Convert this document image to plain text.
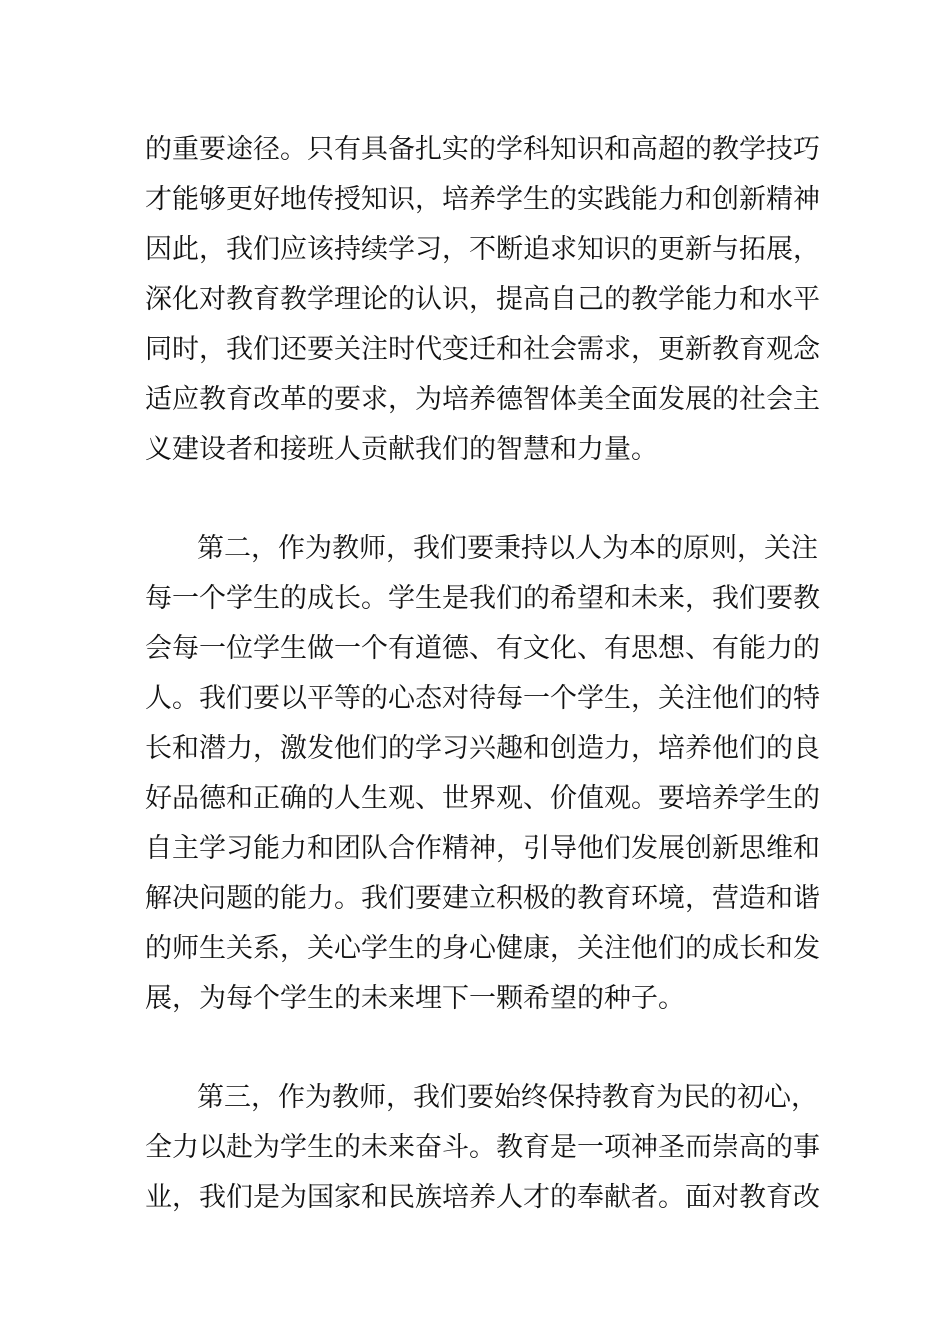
的重要途径。只有具备扎实的学科知识和高超的教学技巧
才能够更好地传授知识，培养学生的实践能力和创新精神
因此，我们应该持续学习，不断追求知识的更新与拓展，
深化对教育教学理论的认识，提高自己的教学能力和水平
同时，我们还要关注时代变迁和社会需求，更新教育观念
适应教育改革的要求，为培养德智体美全面发展的社会主
义建设者和接班人贡献我们的智慧和力量。
第二，作为教师，我们要秉持以人为本的原则，关注
每一个学生的成长。学生是我们的希望和未来，我们要教
会每一位学生做一个有道德、有文化、有思想、有能力的
人。我们要以平等的心态对待每一个学生，关注他们的特
长和潜力，激发他们的学习兴趣和创造力，培养他们的良
好品德和正确的人生观、世界观、价值观。要培养学生的
自主学习能力和团队合作精神，引导他们发展创新思维和
解决问题的能力。我们要建立积极的教育环境，营造和谐
的师生关系，关心学生的身心健康，关注他们的成长和发
展，为每个学生的未来埋下一颗希望的种子。
第三，作为教师，我们要始终保持教育为民的初心，
全力以赴为学生的未来奋斗。教育是一项神圣而崇高的事
业，我们是为国家和民族培养人才的奉献者。面对教育改
